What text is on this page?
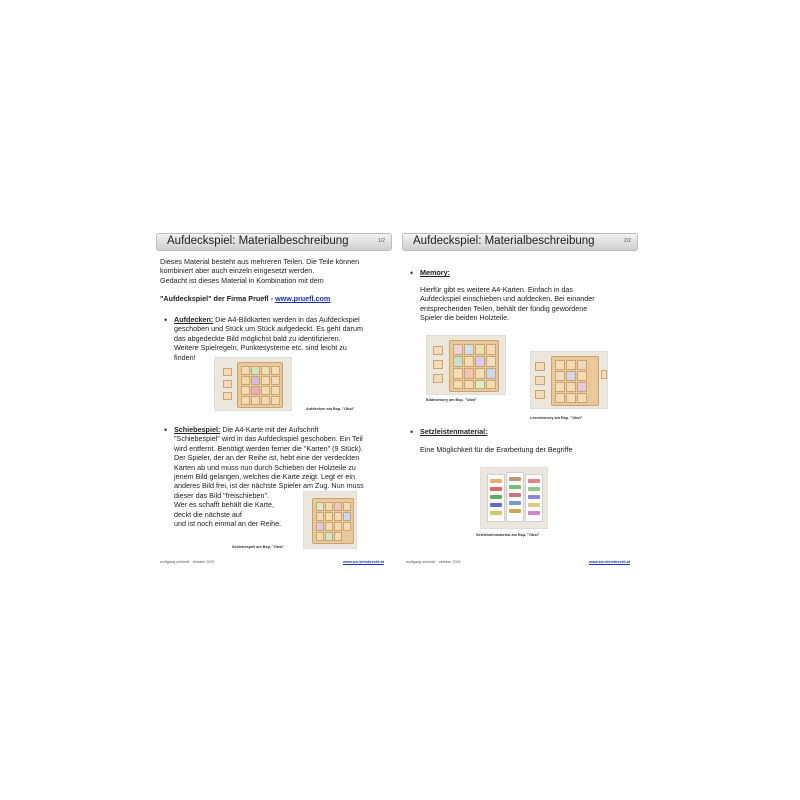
Aufdeckspiel: Materialbeschreibung	1/2
Dieses Material besteht aus mehreren Teilen. Die Teile können
kombiniert aber auch einzeln eingesetzt werden.
Gedacht ist dieses Material in Kombination mit dem
"Aufdeckspiel" der Firma Pruefl - www.pruefl.com
• Aufdecken: Die A4-Bildkarten werden in das Aufdeckspiel
geschoben und Stück um Stück aufgedeckt. Es geht darum
das abgedeckte Bild möglichst bald zu identifizieren.
Weitere Spielregeln, Punktesysteme etc. sind leicht zu
finden!
Aufdecken am Bsp. "Obst"
• Schiebespiel: Die A4-Karte mit der Aufschrift
"Schiebespiel" wird in das Aufdeckspiel geschoben. Ein Teil
wird entfernt. Benötigt werden ferner die "Karten" (9 Stück).
Der Spieler, der an der Reihe ist, hebt eine der verdeckten
Karten ab und muss nun durch Schieben der Holzteile zu
jenem Bild gelangen, welches die Karte zeigt. Legt er ein
anderes Bild frei, ist der nächste Spieler am Zug. Nun muss
dieser das Bild "freischieben".
Wer es schafft behält die Karte,
deckt die nächste auf
und ist noch einmal an der Reihe.
Schiebespiel am Bsp. "Obst"
wolfgang schmidt · oktober 2001	www.ws-steinbrecht.at
Aufdeckspiel: Materialbeschreibung	2/2
• Memory:
Hierfür gibt es weitere A4-Karten. Einfach in das
Aufdeckspiel einschieben und aufdecken. Bei einander
entsprechenden Teilen, behält der fündig gewordene
Spieler die beiden Holzteile.
Bildmemory am Bsp. "Obst"
Lesememory am Bsp. "Obst"
• Setzleistenmaterial:
Eine Möglichkeit für die Erarbeitung der Begriffe
Setzleistenmaterial am Bsp. "Obst"
wolfgang schmidt · oktober 2001	www.ws-steinbrecht.at
